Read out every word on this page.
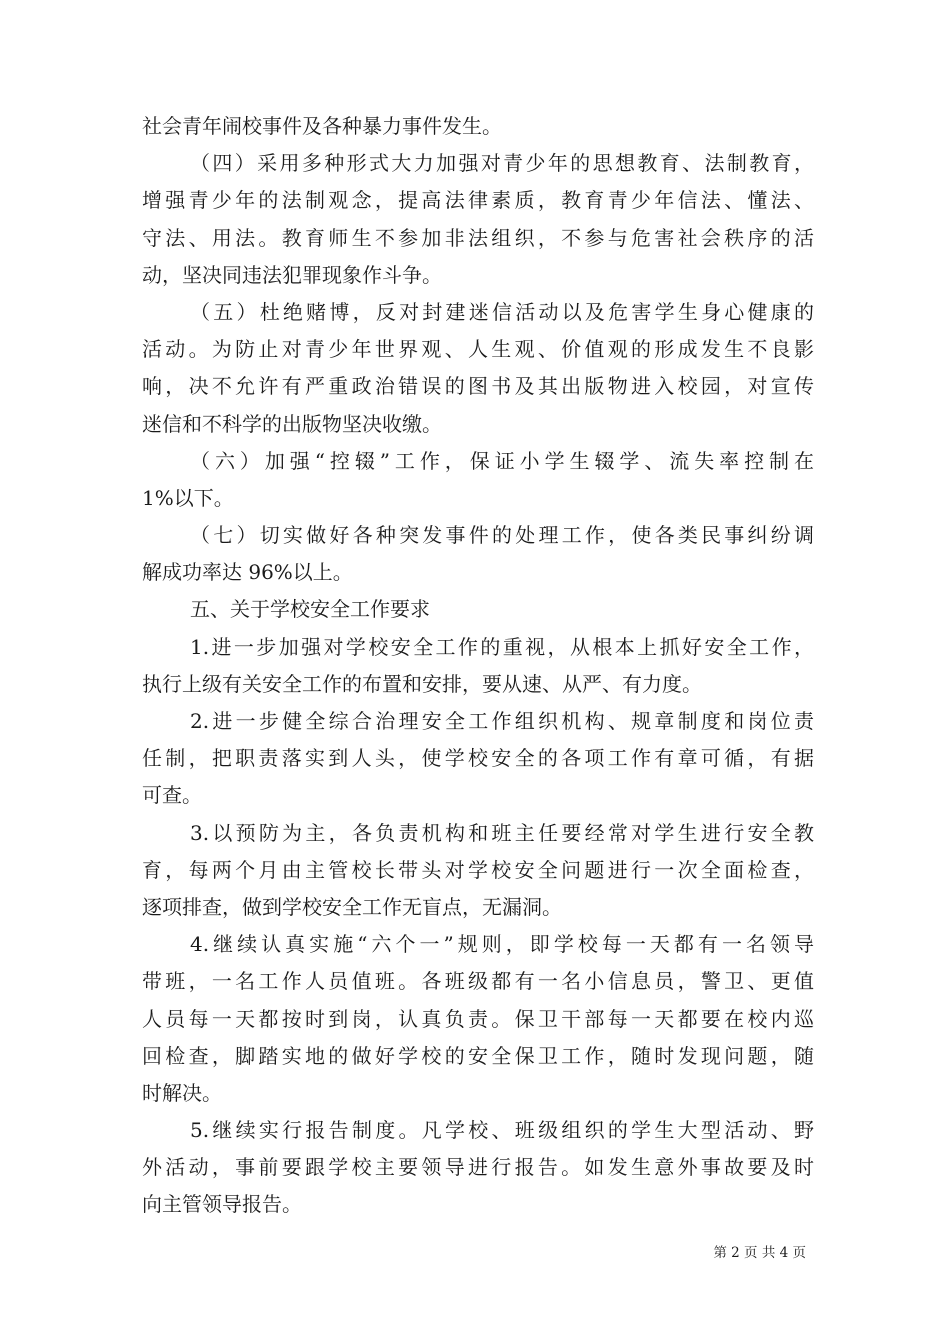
社会青年闹校事件及各种暴力事件发生。
（四）采用多种形式大力加强对青少年的思想教育、法制教育，
增强青少年的法制观念，提高法律素质，教育青少年信法、懂法、
守法、用法。教育师生不参加非法组织，不参与危害社会秩序的活
动，坚决同违法犯罪现象作斗争。
（五）杜绝赌博，反对封建迷信活动以及危害学生身心健康的
活动。为防止对青少年世界观、人生观、价值观的形成发生不良影
响，决不允许有严重政治错误的图书及其出版物进入校园，对宣传
迷信和不科学的出版物坚决收缴。
（六）加强“控辍”工作，保证小学生辍学、流失率控制在
1%以下。
（七）切实做好各种突发事件的处理工作，使各类民事纠纷调
解成功率达 96%以上。
五、关于学校安全工作要求
1.进一步加强对学校安全工作的重视，从根本上抓好安全工作，
执行上级有关安全工作的布置和安排，要从速、从严、有力度。
2.进一步健全综合治理安全工作组织机构、规章制度和岗位责
任制，把职责落实到人头，使学校安全的各项工作有章可循，有据
可查。
3.以预防为主，各负责机构和班主任要经常对学生进行安全教
育，每两个月由主管校长带头对学校安全问题进行一次全面检查，
逐项排查，做到学校安全工作无盲点，无漏洞。
4.继续认真实施“六个一”规则，即学校每一天都有一名领导
带班，一名工作人员值班。各班级都有一名小信息员，警卫、更值
人员每一天都按时到岗，认真负责。保卫干部每一天都要在校内巡
回检查，脚踏实地的做好学校的安全保卫工作，随时发现问题，随
时解决。
5.继续实行报告制度。凡学校、班级组织的学生大型活动、野
外活动，事前要跟学校主要领导进行报告。如发生意外事故要及时
向主管领导报告。
第 2 页 共 4 页
